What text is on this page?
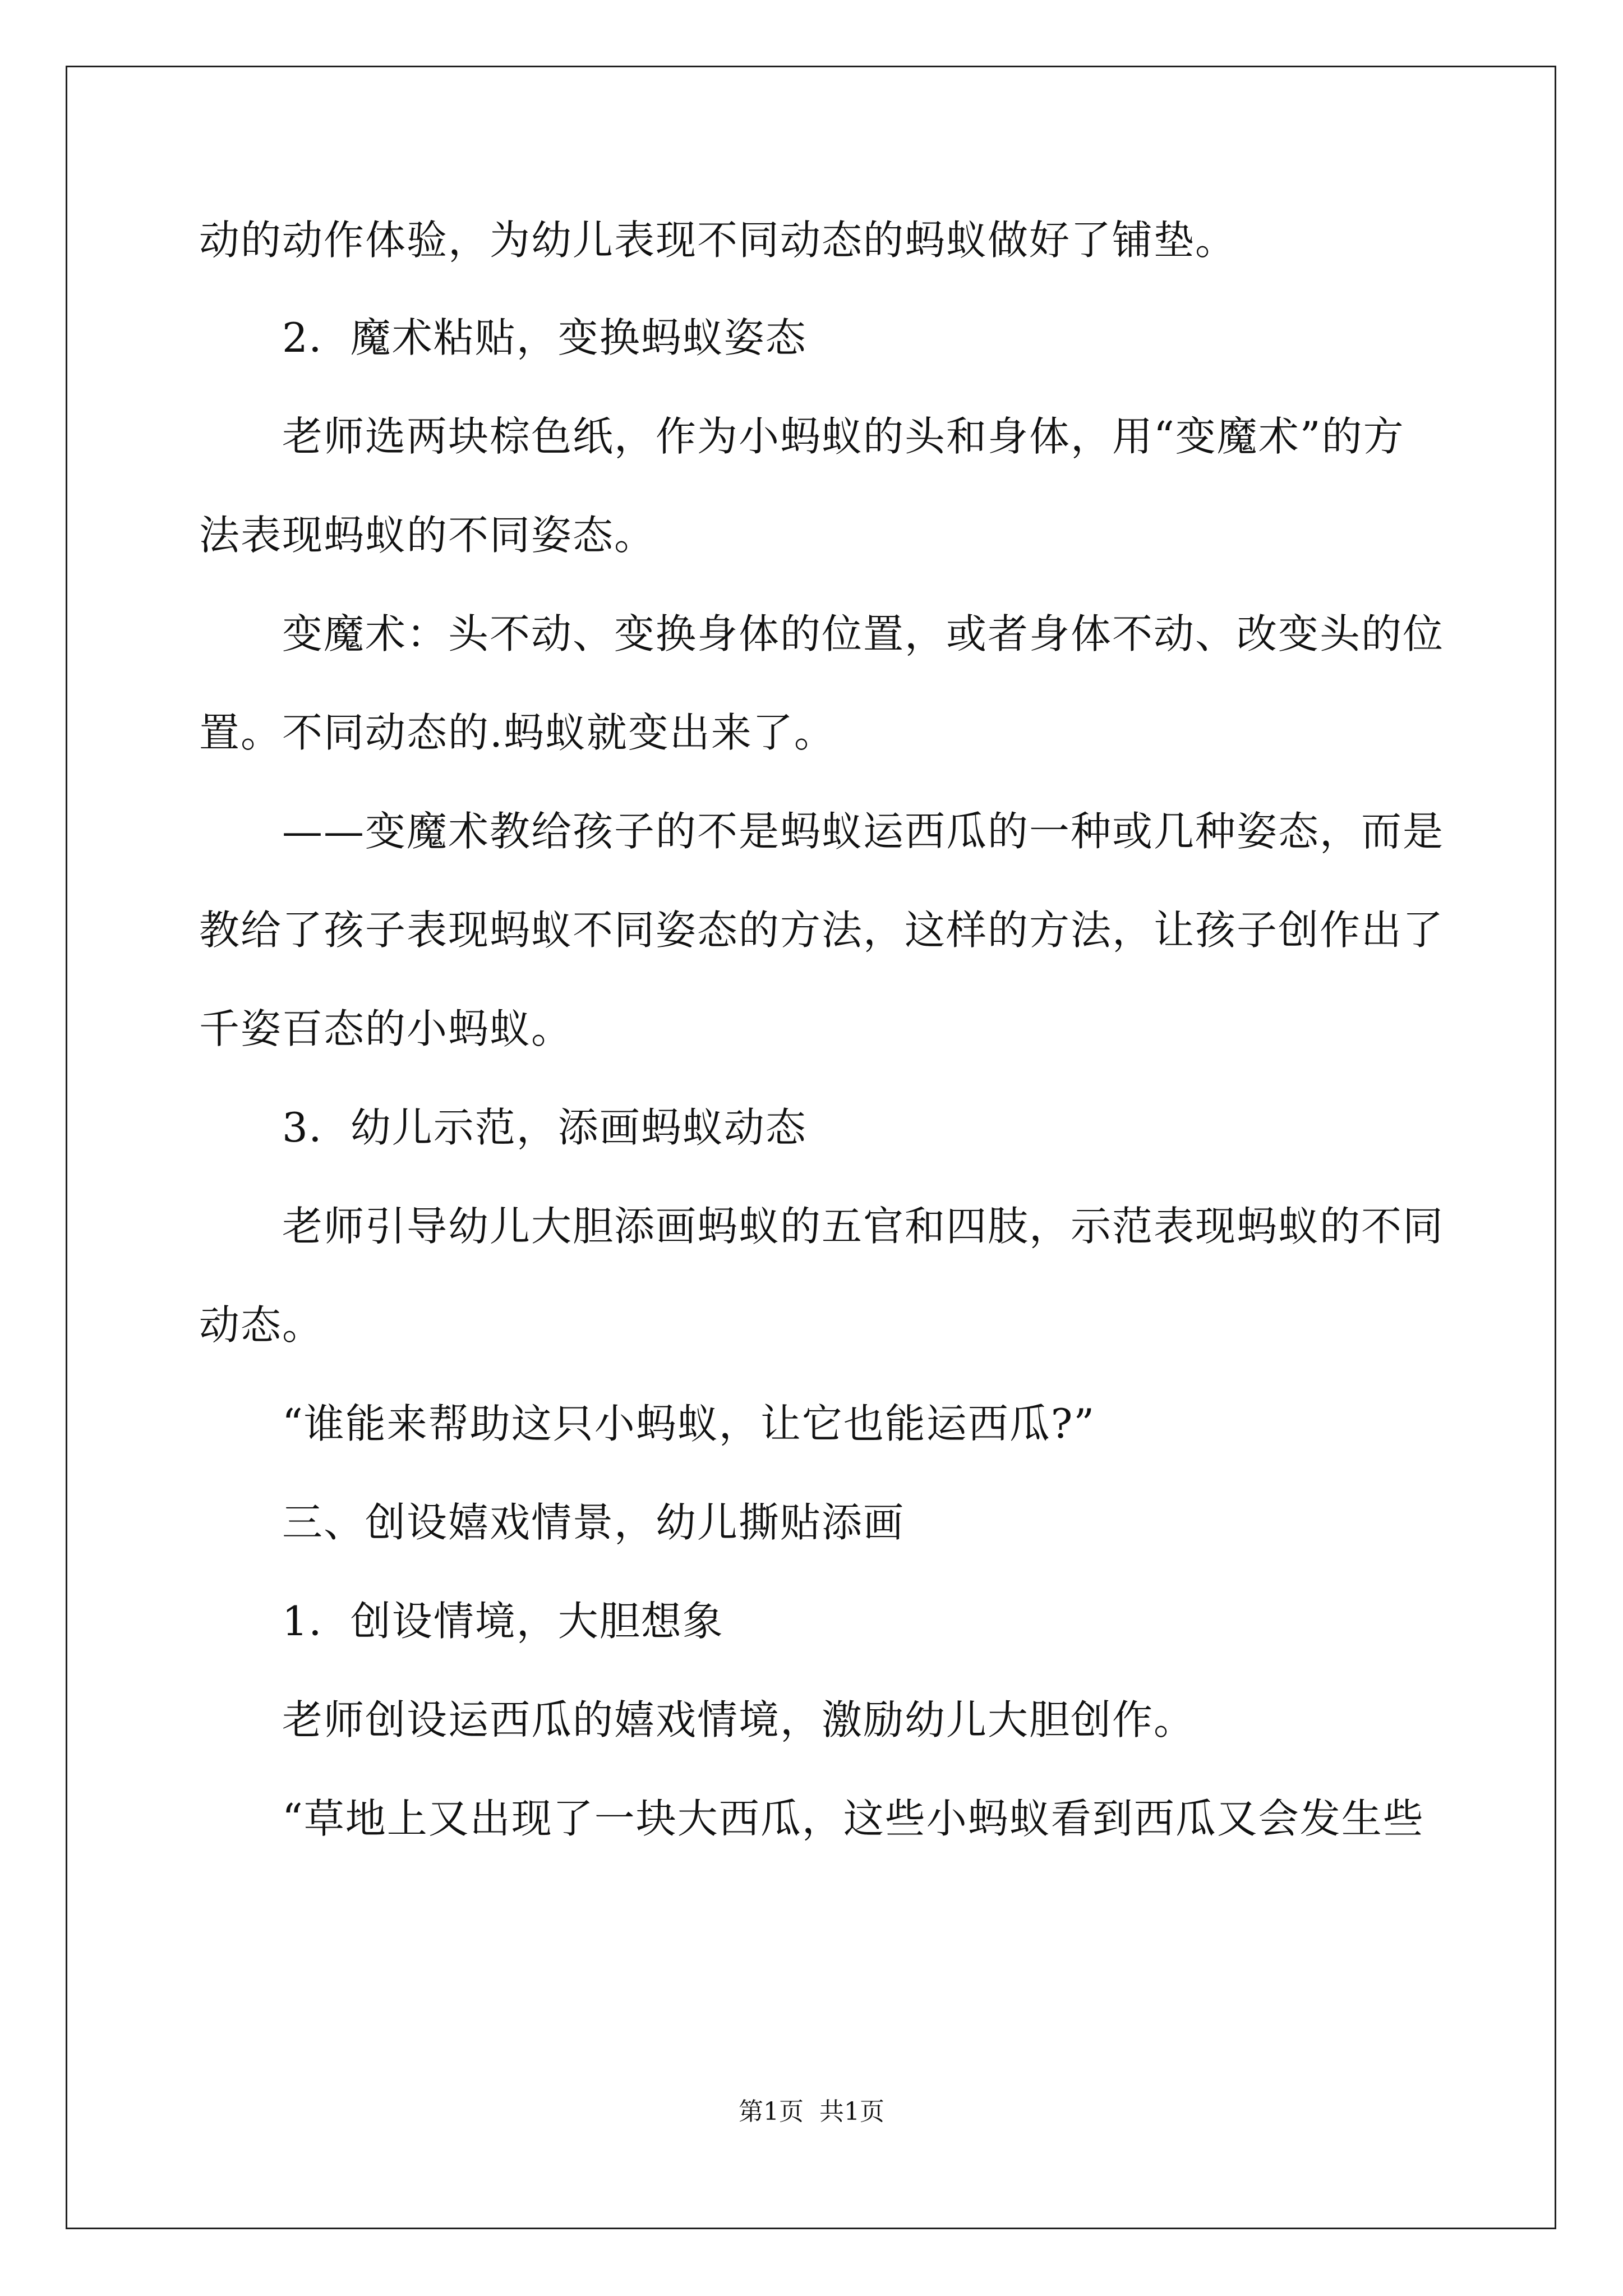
动的动作体验，为幼儿表现不同动态的蚂蚁做好了铺垫。

2．魔术粘贴，变换蚂蚁姿态

老师选两块棕色纸，作为小蚂蚁的头和身体，用“变魔术”的方

法表现蚂蚁的不同姿态。

变魔术：头不动、变换身体的位置，或者身体不动、改变头的位

置。不同动态的.蚂蚁就变出来了。

——变魔术教给孩子的不是蚂蚁运西瓜的一种或几种姿态，而是

教给了孩子表现蚂蚁不同姿态的方法，这样的方法，让孩子创作出了

千姿百态的小蚂蚁。

3．幼儿示范，添画蚂蚁动态

老师引导幼儿大胆添画蚂蚁的五官和四肢，示范表现蚂蚁的不同

动态。

“谁能来帮助这只小蚂蚁，让它也能运西瓜?”

三、创设嬉戏情景，幼儿撕贴添画

1．创设情境，大胆想象

老师创设运西瓜的嬉戏情境，激励幼儿大胆创作。

“草地上又出现了一块大西瓜，这些小蚂蚁看到西瓜又会发生些

第1页 共1页
